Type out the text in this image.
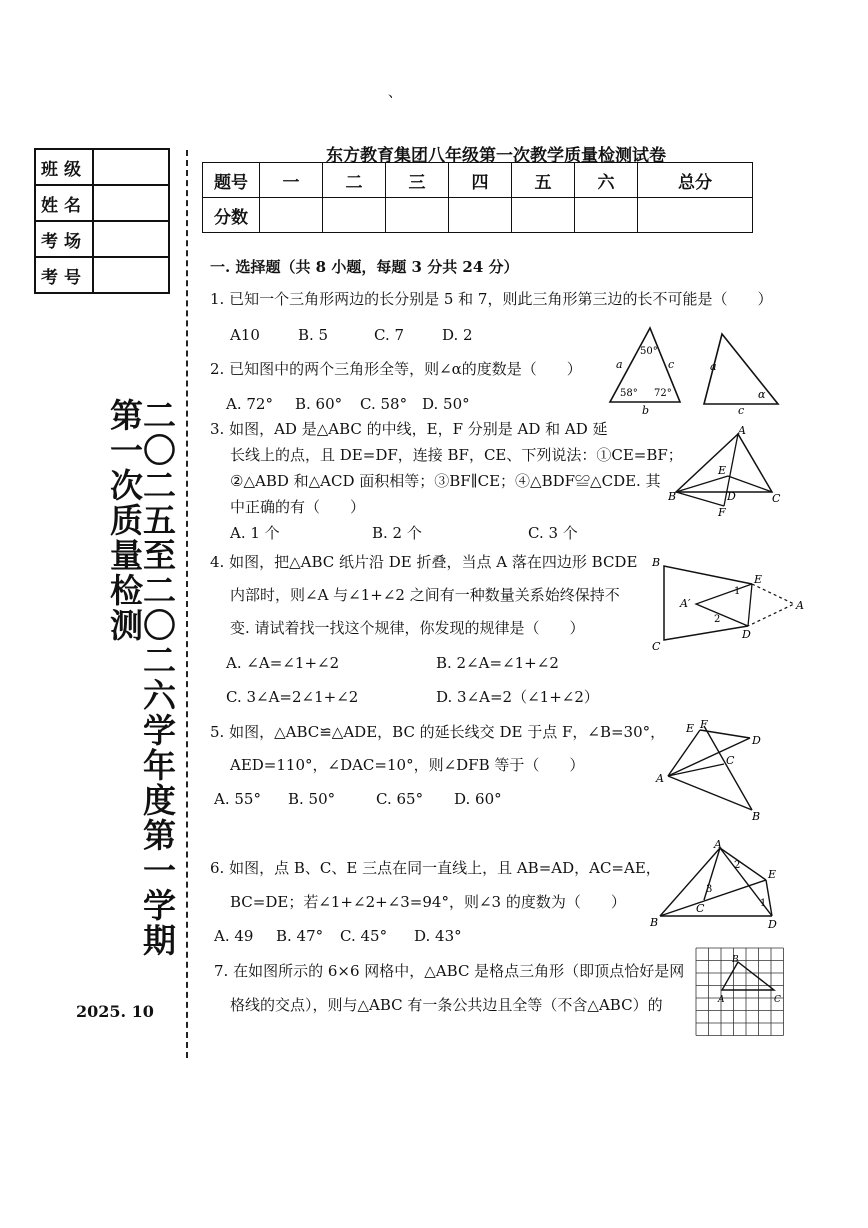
、
班级	
姓名	
考场	
考号	
二〇二五至二〇二六学年度第一学期第一次质量检测
2025. 10
东方教育集团八年级第一次教学质量检测试卷
题号	一	二	三	四	五	六	总分
分数							
一. 选择题（共 8 小题，每题 3 分共 24 分）
1. 已知一个三角形两边的长分别是 5 和 7，则此三角形第三边的长不可能是（　　）
A10	B. 5	C. 7	D. 2
2. 已知图中的两个三角形全等，则∠α的度数是（　　）
A. 72° B. 60° C. 58° D. 50°
50°
a	c
58° 72°
b
a
c
α
3. 如图，AD 是△ABC 的中线，E，F 分别是 AD 和 AD 延
长线上的点，且 DE=DF，连接 BF，CE、下列说法：①CE=BF；
②△ABD 和△ACD 面积相等；③BF∥CE；④△BDF≌△CDE. 其
中正确的有（　　）
A. 1 个	B. 2 个	C. 3 个
A
B	C
D
E
F
4. 如图，把△ABC 纸片沿 DE 折叠，当点 A 落在四边形 BCDE
内部时，则∠A 与∠1+∠2 之间有一种数量关系始终保持不
变. 请试着找一找这个规律，你发现的规律是（　　）
A. ∠A=∠1+∠2	B. 2∠A=∠1+∠2
C. 3∠A=2∠1+∠2	D. 3∠A=2（∠1+∠2）
B
C
E
D
A
A′
1
2
5. 如图，△ABC≌△ADE，BC 的延长线交 DE 于点 F，∠B=30°，
AED=110°，∠DAC=10°，则∠DFB 等于（　　）
A. 55° B. 50°	C. 65° D. 60°
E F
D
C
A
B
6. 如图，点 B、C、E 三点在同一直线上，且 AB=AD，AC=AE，
BC=DE；若∠1+∠2+∠3=94°，则∠3 的度数为（　　）
A. 49 B. 47° C. 45° D. 43°
A
B
C
D
E
1
2
3
7. 在如图所示的 6×6 网格中，△ABC 是格点三角形（即顶点恰好是网
格线的交点），则与△ABC 有一条公共边且全等（不含△ABC）的
B
A	C
